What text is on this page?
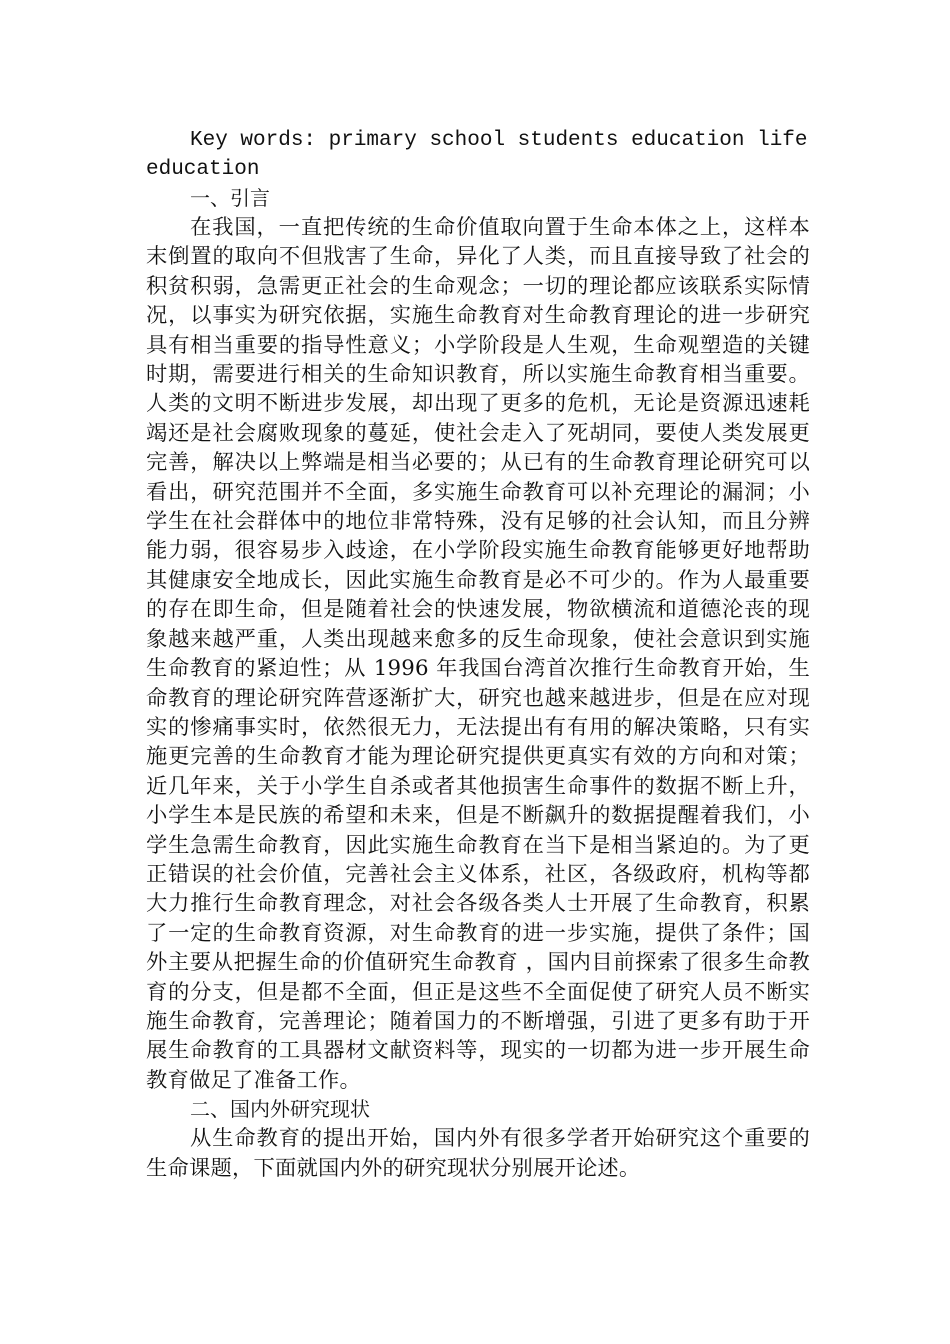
Key words: primary school students education life education

一、引言

在我国，一直把传统的生命价值取向置于生命本体之上，这样本末倒置的取向不但戕害了生命，异化了人类，而且直接导致了社会的积贫积弱，急需更正社会的生命观念；一切的理论都应该联系实际情况，以事实为研究依据，实施生命教育对生命教育理论的进一步研究具有相当重要的指导性意义；小学阶段是人生观，生命观塑造的关键时期，需要进行相关的生命知识教育，所以实施生命教育相当重要。人类的文明不断进步发展，却出现了更多的危机，无论是资源迅速耗竭还是社会腐败现象的蔓延，使社会走入了死胡同，要使人类发展更完善，解决以上弊端是相当必要的；从已有的生命教育理论研究可以看出，研究范围并不全面，多实施生命教育可以补充理论的漏洞；小学生在社会群体中的地位非常特殊，没有足够的社会认知，而且分辨能力弱，很容易步入歧途，在小学阶段实施生命教育能够更好地帮助其健康安全地成长，因此实施生命教育是必不可少的。作为人最重要的存在即生命，但是随着社会的快速发展，物欲横流和道德沦丧的现象越来越严重，人类出现越来愈多的反生命现象，使社会意识到实施生命教育的紧迫性；从 1996 年我国台湾首次推行生命教育开始，生命教育的理论研究阵营逐渐扩大，研究也越来越进步，但是在应对现实的惨痛事实时，依然很无力，无法提出有有用的解决策略，只有实施更完善的生命教育才能为理论研究提供更真实有效的方向和对策；近几年来，关于小学生自杀或者其他损害生命事件的数据不断上升，小学生本是民族的希望和未来，但是不断飙升的数据提醒着我们，小学生急需生命教育，因此实施生命教育在当下是相当紧迫的。为了更正错误的社会价值，完善社会主义体系，社区，各级政府，机构等都大力推行生命教育理念，对社会各级各类人士开展了生命教育，积累了一定的生命教育资源，对生命教育的进一步实施，提供了条件；国外主要从把握生命的价值研究生命教育 ，国内目前探索了很多生命教育的分支，但是都不全面，但正是这些不全面促使了研究人员不断实施生命教育，完善理论；随着国力的不断增强，引进了更多有助于开展生命教育的工具器材文献资料等，现实的一切都为进一步开展生命教育做足了准备工作。

二、国内外研究现状

从生命教育的提出开始，国内外有很多学者开始研究这个重要的生命课题，下面就国内外的研究现状分别展开论述。
